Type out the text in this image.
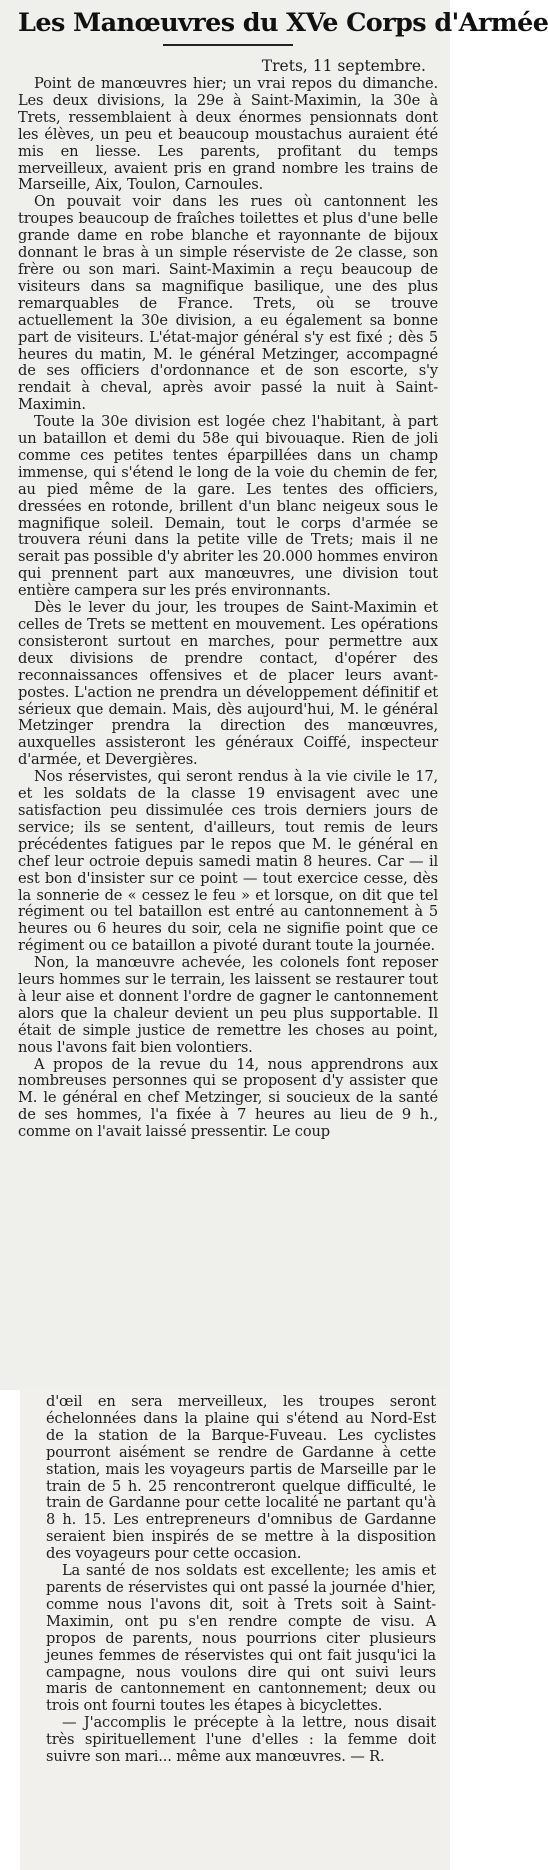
Les Manœuvres du XVe Corps d'Armée

Trets, 11 septembre.

Point de manœuvres hier; un vrai repos du dimanche. Les deux divisions, la 29e à Saint-Maximin, la 30e à Trets, ressemblaient à deux énormes pensionnats dont les élèves, un peu et beaucoup moustachus auraient été mis en liesse. Les parents, profitant du temps merveilleux, avaient pris en grand nombre les trains de Marseille, Aix, Toulon, Carnoules.

On pouvait voir dans les rues où cantonnent les troupes beaucoup de fraîches toilettes et plus d'une belle grande dame en robe blanche et rayonnante de bijoux donnant le bras à un simple réserviste de 2e classe, son frère ou son mari. Saint-Maximin a reçu beaucoup de visiteurs dans sa magnifique basilique, une des plus remarquables de France. Trets, où se trouve actuellement la 30e division, a eu également sa bonne part de visiteurs. L'état-major général s'y est fixé ; dès 5 heures du matin, M. le général Metzinger, accompagné de ses officiers d'ordonnance et de son escorte, s'y rendait à cheval, après avoir passé la nuit à Saint-Maximin.

Toute la 30e division est logée chez l'habitant, à part un bataillon et demi du 58e qui bivouaque. Rien de joli comme ces petites tentes éparpillées dans un champ immense, qui s'étend le long de la voie du chemin de fer, au pied même de la gare. Les tentes des officiers, dressées en rotonde, brillent d'un blanc neigeux sous le magnifique soleil. Demain, tout le corps d'armée se trouvera réuni dans la petite ville de Trets; mais il ne serait pas possible d'y abriter les 20.000 hommes environ qui prennent part aux manœuvres, une division tout entière campera sur les prés environnants.

Dès le lever du jour, les troupes de Saint-Maximin et celles de Trets se mettent en mouvement. Les opérations consisteront surtout en marches, pour permettre aux deux divisions de prendre contact, d'opérer des reconnaissances offensives et de placer leurs avant-postes. L'action ne prendra un développement définitif et sérieux que demain. Mais, dès aujourd'hui, M. le général Metzinger prendra la direction des manœuvres, auxquelles assisteront les généraux Coiffé, inspecteur d'armée, et Devergières.

Nos réservistes, qui seront rendus à la vie civile le 17, et les soldats de la classe 19 envisagent avec une satisfaction peu dissimulée ces trois derniers jours de service; ils se sentent, d'ailleurs, tout remis de leurs précédentes fatigues par le repos que M. le général en chef leur octroie depuis samedi matin 8 heures. Car — il est bon d'insister sur ce point — tout exercice cesse, dès la sonnerie de « cessez le feu » et lorsque, on dit que tel régiment ou tel bataillon est entré au cantonnement à 5 heures ou 6 heures du soir, cela ne signifie point que ce régiment ou ce bataillon a pivoté durant toute la journée.

Non, la manœuvre achevée, les colonels font reposer leurs hommes sur le terrain, les laissent se restaurer tout à leur aise et donnent l'ordre de gagner le cantonnement alors que la chaleur devient un peu plus supportable. Il était de simple justice de remettre les choses au point, nous l'avons fait bien volontiers.

A propos de la revue du 14, nous apprendrons aux nombreuses personnes qui se proposent d'y assister que M. le général en chef Metzinger, si soucieux de la santé de ses hommes, l'a fixée à 7 heures au lieu de 9 h., comme on l'avait laissé pressentir. Le coup

d'œil en sera merveilleux, les troupes seront échelonnées dans la plaine qui s'étend au Nord-Est de la station de la Barque-Fuveau. Les cyclistes pourront aisément se rendre de Gardanne à cette station, mais les voyageurs partis de Marseille par le train de 5 h. 25 rencontreront quelque difficulté, le train de Gardanne pour cette localité ne partant qu'à 8 h. 15. Les entrepreneurs d'omnibus de Gardanne seraient bien inspirés de se mettre à la disposition des voyageurs pour cette occasion.

La santé de nos soldats est excellente; les amis et parents de réservistes qui ont passé la journée d'hier, comme nous l'avons dit, soit à Trets soit à Saint-Maximin, ont pu s'en rendre compte de visu. A propos de parents, nous pourrions citer plusieurs jeunes femmes de réservistes qui ont fait jusqu'ici la campagne, nous voulons dire qui ont suivi leurs maris de cantonnement en cantonnement; deux ou trois ont fourni toutes les étapes à bicyclettes.

— J'accomplis le précepte à la lettre, nous disait très spirituellement l'une d'elles : la femme doit suivre son mari... même aux manœuvres. — R.
